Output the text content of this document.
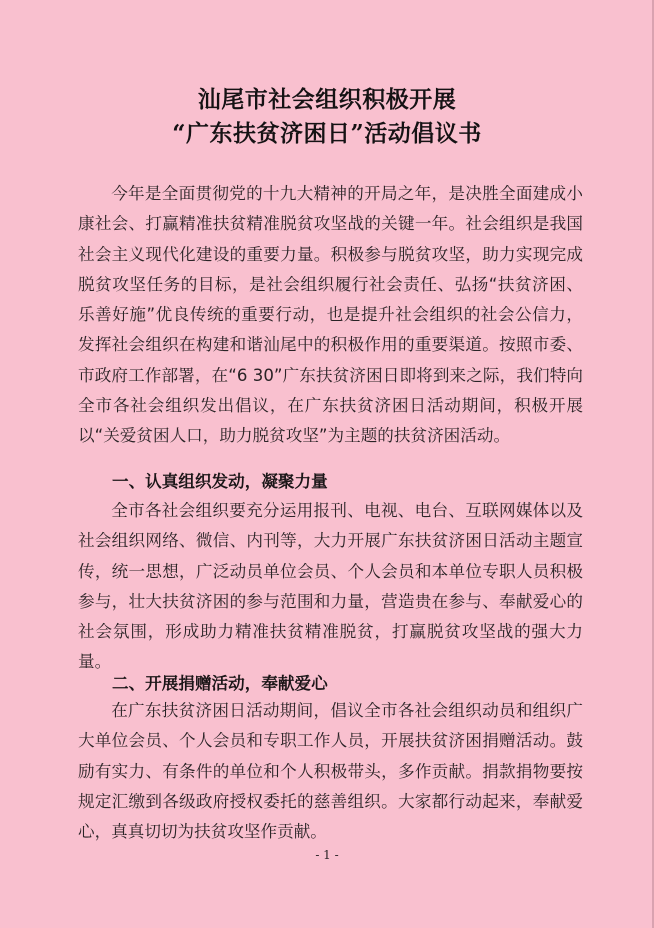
汕尾市社会组织积极开展
“广东扶贫济困日”活动倡议书

今年是全面贯彻党的十九大精神的开局之年，是决胜全面建成小康社会、打赢精准扶贫精准脱贫攻坚战的关键一年。社会组织是我国社会主义现代化建设的重要力量。积极参与脱贫攻坚，助力实现完成脱贫攻坚任务的目标，是社会组织履行社会责任、弘扬“扶贫济困、乐善好施”优良传统的重要行动，也是提升社会组织的社会公信力，发挥社会组织在构建和谐汕尾中的积极作用的重要渠道。按照市委、市政府工作部署，在“6 30”广东扶贫济困日即将到来之际，我们特向全市各社会组织发出倡议，在广东扶贫济困日活动期间，积极开展以“关爱贫困人口，助力脱贫攻坚”为主题的扶贫济困活动。

一、认真组织发动，凝聚力量

全市各社会组织要充分运用报刊、电视、电台、互联网媒体以及社会组织网络、微信、内刊等，大力开展广东扶贫济困日活动主题宣传，统一思想，广泛动员单位会员、个人会员和本单位专职人员积极参与，壮大扶贫济困的参与范围和力量，营造贵在参与、奉献爱心的社会氛围，形成助力精准扶贫精准脱贫，打赢脱贫攻坚战的强大力量。

二、开展捐赠活动，奉献爱心

在广东扶贫济困日活动期间，倡议全市各社会组织动员和组织广大单位会员、个人会员和专职工作人员，开展扶贫济困捐赠活动。鼓励有实力、有条件的单位和个人积极带头，多作贡献。捐款捐物要按规定汇缴到各级政府授权委托的慈善组织。大家都行动起来，奉献爱心，真真切切为扶贫攻坚作贡献。

- 1 -
